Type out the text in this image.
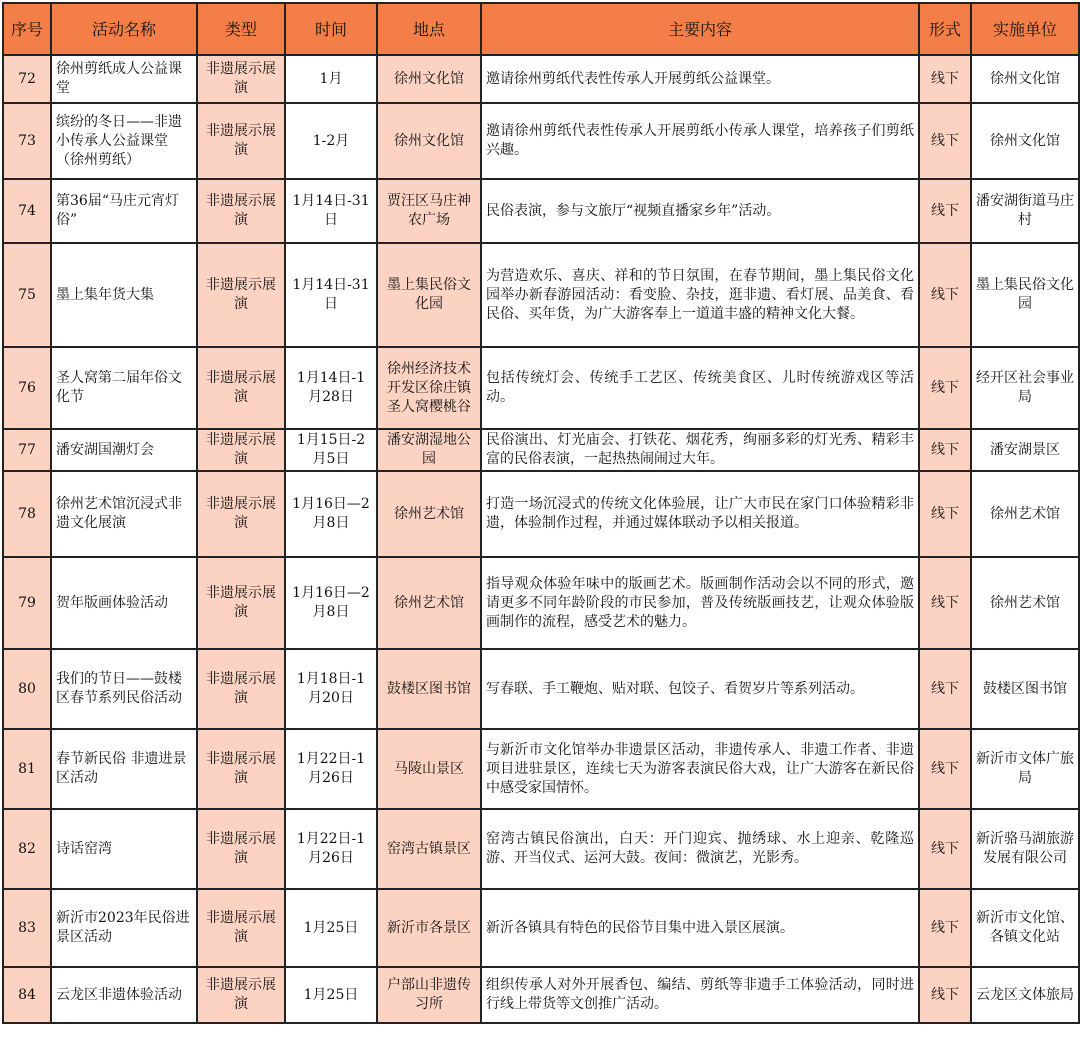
序号	活动名称	类型	时间	地点	主要内容	形式	实施单位
72	徐州剪纸成人公益课堂	非遗展示展演	1月	徐州文化馆	邀请徐州剪纸代表性传承人开展剪纸公益课堂。	线下	徐州文化馆
73	缤纷的冬日——非遗小传承人公益课堂（徐州剪纸）	非遗展示展演	1-2月	徐州文化馆	邀请徐州剪纸代表性传承人开展剪纸小传承人课堂，培养孩子们剪纸兴趣。	线下	徐州文化馆
74	第36届“马庄元宵灯俗”	非遗展示展演	1月14日-31日	贾汪区马庄神农广场	民俗表演，参与文旅厅“视频直播家乡年”活动。	线下	潘安湖街道马庄村
75	墨上集年货大集	非遗展示展演	1月14日-31日	墨上集民俗文化园	为营造欢乐、喜庆、祥和的节日氛围，在春节期间，墨上集民俗文化园举办新春游园活动：看变脸、杂技，逛非遗、看灯展、品美食、看民俗、买年货，为广大游客奉上一道道丰盛的精神文化大餐。	线下	墨上集民俗文化园
76	圣人窝第二届年俗文化节	非遗展示展演	1月14日-1月28日	徐州经济技术开发区徐庄镇圣人窝樱桃谷	包括传统灯会、传统手工艺区、传统美食区、儿时传统游戏区等活动。	线下	经开区社会事业局
77	潘安湖国潮灯会	非遗展示展演	1月15日-2月5日	潘安湖湿地公园	民俗演出、灯光庙会、打铁花、烟花秀，绚丽多彩的灯光秀、精彩丰富的民俗表演，一起热热闹闹过大年。	线下	潘安湖景区
78	徐州艺术馆沉浸式非遗文化展演	非遗展示展演	1月16日—2月8日	徐州艺术馆	打造一场沉浸式的传统文化体验展，让广大市民在家门口体验精彩非遗，体验制作过程，并通过媒体联动予以相关报道。	线下	徐州艺术馆
79	贺年版画体验活动	非遗展示展演	1月16日—2月8日	徐州艺术馆	指导观众体验年味中的版画艺术。版画制作活动会以不同的形式，邀请更多不同年龄阶段的市民参加，普及传统版画技艺，让观众体验版画制作的流程，感受艺术的魅力。	线下	徐州艺术馆
80	我们的节日——鼓楼区春节系列民俗活动	非遗展示展演	1月18日-1月20日	鼓楼区图书馆	写春联、手工鞭炮、贴对联、包饺子、看贺岁片等系列活动。	线下	鼓楼区图书馆
81	春节新民俗 非遗进景区活动	非遗展示展演	1月22日-1月26日	马陵山景区	与新沂市文化馆举办非遗景区活动，非遗传承人、非遗工作者、非遗项目进驻景区，连续七天为游客表演民俗大戏，让广大游客在新民俗中感受家国情怀。	线下	新沂市文体广旅局
82	诗话窑湾	非遗展示展演	1月22日-1月26日	窑湾古镇景区	窑湾古镇民俗演出，白天：开门迎宾、抛绣球、水上迎亲、乾隆巡游、开当仪式、运河大鼓。夜间：微演艺，光影秀。	线下	新沂骆马湖旅游发展有限公司
83	新沂市2023年民俗进景区活动	非遗展示展演	1月25日	新沂市各景区	新沂各镇具有特色的民俗节目集中进入景区展演。	线下	新沂市文化馆、各镇文化站
84	云龙区非遗体验活动	非遗展示展演	1月25日	户部山非遗传习所	组织传承人对外开展香包、编结、剪纸等非遗手工体验活动，同时进行线上带货等文创推广活动。	线下	云龙区文体旅局
